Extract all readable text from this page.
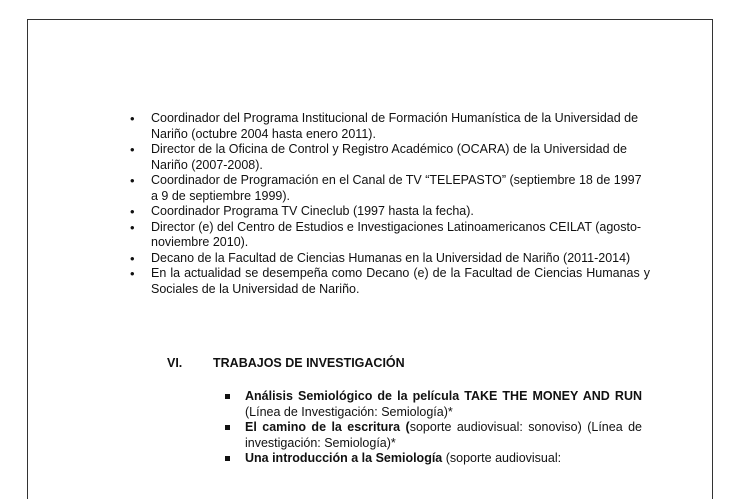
• Coordinador del Programa Institucional de Formación Humanística de la Universidad de Nariño (octubre 2004 hasta enero 2011).
• Director de la Oficina de Control y Registro Académico (OCARA) de la Universidad de Nariño (2007-2008).
• Coordinador de Programación en el Canal de TV “TELEPASTO” (septiembre 18 de 1997 a 9 de septiembre 1999).
• Coordinador Programa TV Cineclub (1997 hasta la fecha).
• Director (e) del Centro de Estudios e Investigaciones Latinoamericanos CEILAT (agosto-noviembre 2010).
• Decano de la Facultad de Ciencias Humanas en la Universidad de Nariño (2011-2014)
• En la actualidad se desempeña como Decano (e) de la Facultad de Ciencias Humanas y Sociales de la Universidad de Nariño.
VI. TRABAJOS DE INVESTIGACIÓN
Análisis Semiológico de la película TAKE THE MONEY AND RUN (Línea de Investigación: Semiología)*
El camino de la escritura (soporte audiovisual: sonoviso) (Línea de investigación: Semiología)*
Una introducción a la Semiología (soporte audiovisual:
